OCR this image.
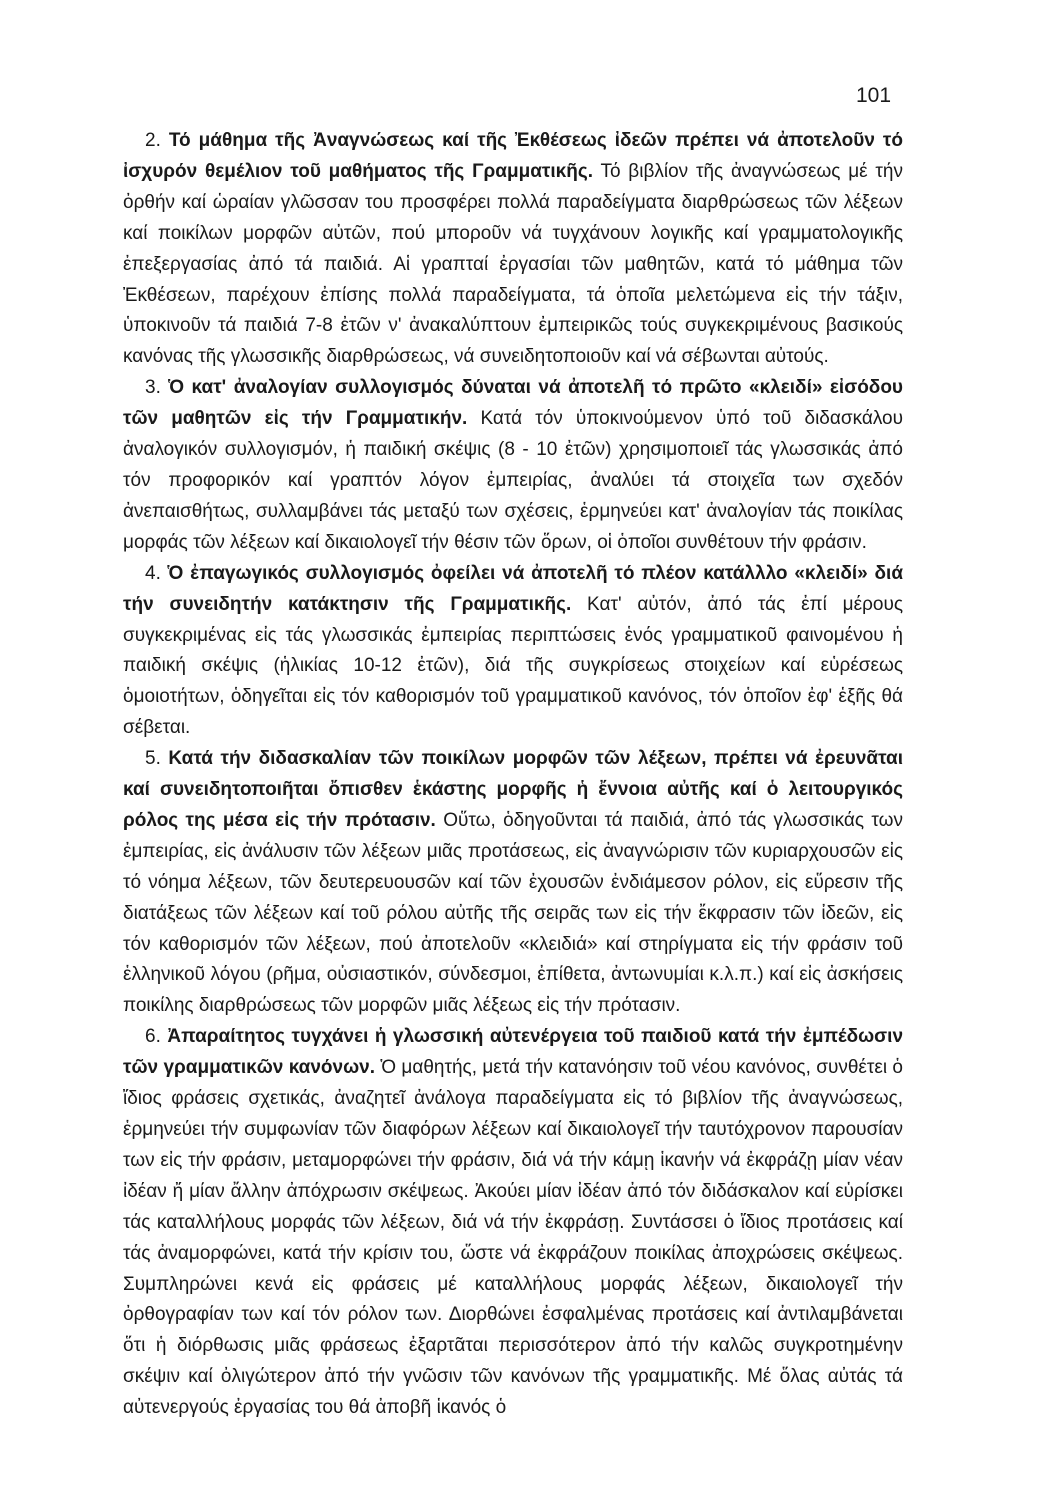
101

2. Τό μάθημα τῆς Ἀναγνώσεως καί τῆς Ἐκθέσεως ἰδεῶν πρέπει νά ἀποτελοῦν τό ἰσχυρόν θεμέλιον τοῦ μαθήματος τῆς Γραμματικῆς. Τό βιβλίον τῆς ἀναγνώσεως μέ τήν ὀρθήν καί ὡραίαν γλῶσσαν του προσφέρει πολλά παραδείγματα διαρθρώσεως τῶν λέξεων καί ποικίλων μορφῶν αὐτῶν, πού μποροῦν νά τυγχάνουν λογικῆς καί γραμματολογικῆς ἐπεξεργασίας ἀπό τά παιδιά. Αἱ γραπταί ἐργασίαι τῶν μαθητῶν, κατά τό μάθημα τῶν Ἐκθέσεων, παρέχουν ἐπίσης πολλά παραδείγματα, τά ὁποῖα μελετώμενα εἰς τήν τάξιν, ὑποκινοῦν τά παιδιά 7-8 ἐτῶν ν' ἀνακαλύπτουν ἐμπειρικῶς τούς συγκεκριμένους βασικούς κανόνας τῆς γλωσσικῆς διαρθρώσεως, νά συνειδητοποιοῦν καί νά σέβωνται αὐτούς.

3. Ὁ κατ' ἀναλογίαν συλλογισμός δύναται νά ἀποτελῆ τό πρῶτο «κλειδί» εἰσόδου τῶν μαθητῶν εἰς τήν Γραμματικήν. Κατά τόν ὑποκινούμενον ὑπό τοῦ διδασκάλου ἀναλογικόν συλλογισμόν, ἡ παιδική σκέψις (8 - 10 ἐτῶν) χρησιμοποιεῖ τάς γλωσσικάς ἀπό τόν προφορικόν καί γραπτόν λόγον ἐμπειρίας, ἀναλύει τά στοιχεῖα των σχεδόν ἀνεπαισθήτως, συλλαμβάνει τάς μεταξύ των σχέσεις, ἑρμηνεύει κατ' ἀναλογίαν τάς ποικίλας μορφάς τῶν λέξεων καί δικαιολογεῖ τήν θέσιν τῶν ὅρων, οἱ ὁποῖοι συνθέτουν τήν φράσιν.

4. Ὁ ἐπαγωγικός συλλογισμός ὀφείλει νά ἀποτελῆ τό πλέον κατάλλλο «κλειδί» διά τήν συνειδητήν κατάκτησιν τῆς Γραμματικῆς. Κατ' αὐτόν, ἀπό τάς ἐπί μέρους συγκεκριμένας εἰς τάς γλωσσικάς ἐμπειρίας περιπτώσεις ἑνός γραμματικοῦ φαινομένου ἡ παιδική σκέψις (ἡλικίας 10-12 ἐτῶν), διά τῆς συγκρίσεως στοιχείων καί εὑρέσεως ὁμοιοτήτων, ὁδηγεῖται εἰς τόν καθορισμόν τοῦ γραμματικοῦ κανόνος, τόν ὁποῖον ἐφ' ἑξῆς θά σέβεται.

5. Κατά τήν διδασκαλίαν τῶν ποικίλων μορφῶν τῶν λέξεων, πρέπει νά ἐρευνᾶται καί συνειδητοποιῆται ὄπισθεν ἑκάστης μορφῆς ἡ ἔννοια αὐτῆς καί ὁ λειτουργικός ρόλος της μέσα εἰς τήν πρότασιν. Οὕτω, ὁδηγοῦνται τά παιδιά, ἀπό τάς γλωσσικάς των ἐμπειρίας, εἰς ἀνάλυσιν τῶν λέξεων μιᾶς προτάσεως, εἰς ἀναγνώρισιν τῶν κυριαρχουσῶν εἰς τό νόημα λέξεων, τῶν δευτερευουσῶν καί τῶν ἐχουσῶν ἐνδιάμεσον ρόλον, εἰς εὕρεσιν τῆς διατάξεως τῶν λέξεων καί τοῦ ρόλου αὐτῆς τῆς σειρᾶς των εἰς τήν ἔκφρασιν τῶν ἰδεῶν, εἰς τόν καθορισμόν τῶν λέξεων, πού ἀποτελοῦν «κλειδιά» καί στηρίγματα εἰς τήν φράσιν τοῦ ἑλληνικοῦ λόγου (ρῆμα, οὐσιαστικόν, σύνδεσμοι, ἐπίθετα, ἀντωνυμίαι κ.λ.π.) καί εἰς ἀσκήσεις ποικίλης διαρθρώσεως τῶν μορφῶν μιᾶς λέξεως εἰς τήν πρότασιν.

6. Ἀπαραίτητος τυγχάνει ἡ γλωσσική αὐτενέργεια τοῦ παιδιοῦ κατά τήν ἐμπέδωσιν τῶν γραμματικῶν κανόνων. Ὁ μαθητής, μετά τήν κατανόησιν τοῦ νέου κανόνος, συνθέτει ὁ ἴδιος φράσεις σχετικάς, ἀναζητεῖ ἀνάλογα παραδείγματα εἰς τό βιβλίον τῆς ἀναγνώσεως, ἑρμηνεύει τήν συμφωνίαν τῶν διαφόρων λέξεων καί δικαιολογεῖ τήν ταυτόχρονον παρουσίαν των εἰς τήν φράσιν, μεταμορφώνει τήν φράσιν, διά νά τήν κάμῃ ἱκανήν νά ἐκφράζῃ μίαν νέαν ἰδέαν ἤ μίαν ἄλλην ἀπόχρωσιν σκέψεως. Ἀκούει μίαν ἰδέαν ἀπό τόν διδάσκαλον καί εὑρίσκει τάς καταλλήλους μορφάς τῶν λέξεων, διά νά τήν ἐκφράσῃ. Συντάσσει ὁ ἴδιος προτάσεις καί τάς ἀναμορφώνει, κατά τήν κρίσιν του, ὥστε νά ἐκφράζουν ποικίλας ἀποχρώσεις σκέψεως. Συμπληρώνει κενά εἰς φράσεις μέ καταλλήλους μορφάς λέξεων, δικαιολογεῖ τήν ὀρθογραφίαν των καί τόν ρόλον των. Διορθώνει ἐσφαλμένας προτάσεις καί ἀντιλαμβάνεται ὅτι ἡ διόρθωσις μιᾶς φράσεως ἐξαρτᾶται περισσότερον ἀπό τήν καλῶς συγκροτημένην σκέψιν καί ὀλιγώτερον ἀπό τήν γνῶσιν τῶν κανόνων τῆς γραμματικῆς. Μέ ὅλας αὐτάς τά αὐτενεργούς ἐργασίας του θά ἀποβῆ ἱκανός ὁ
